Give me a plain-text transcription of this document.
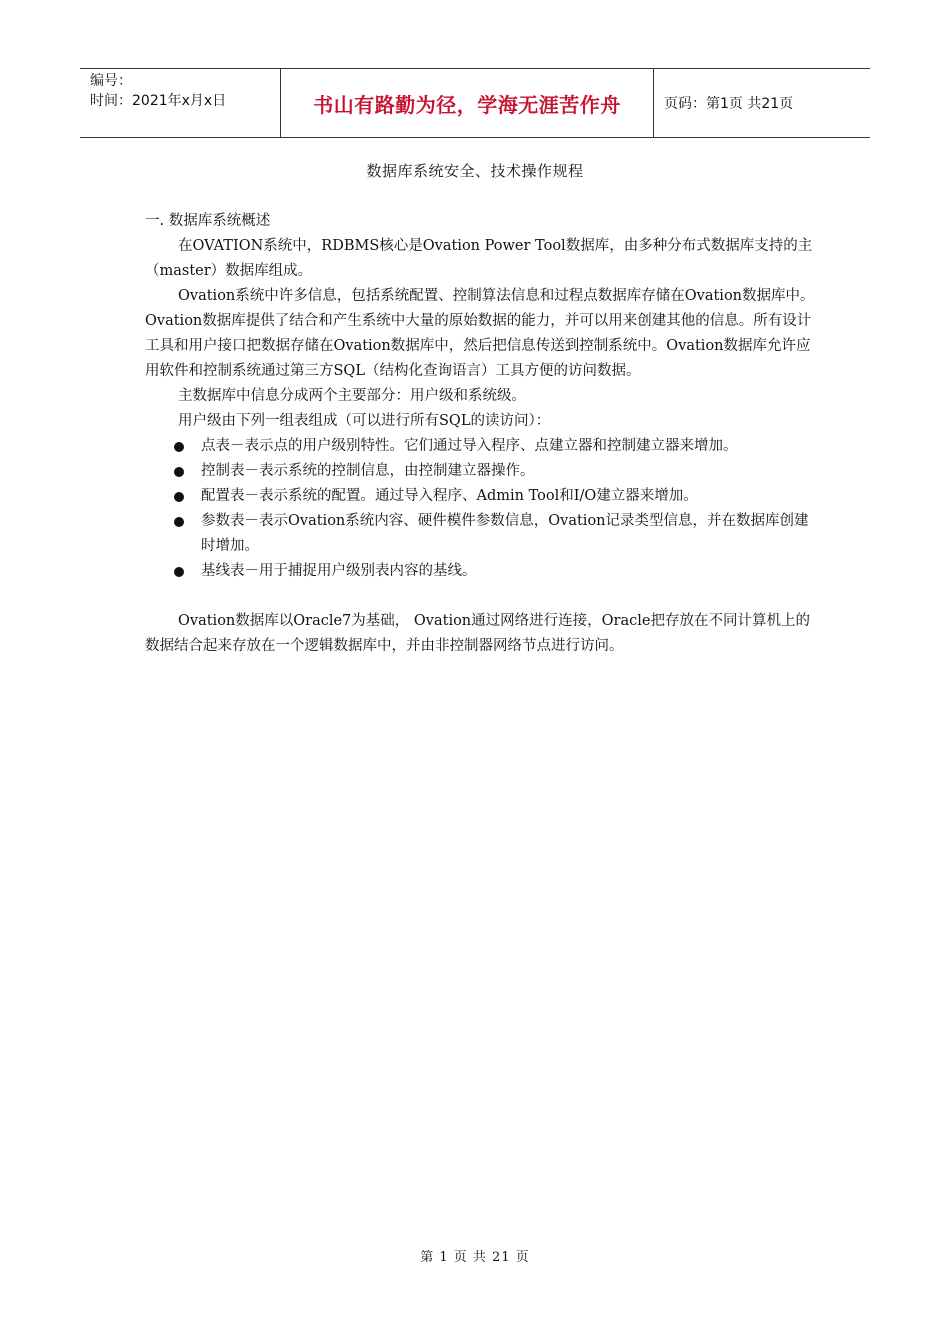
编号：
时间：2021年x月x日	书山有路勤为径，学海无涯苦作舟	页码：第1页 共21页
数据库系统安全、技术操作规程

一. 数据库系统概述

在OVATION系统中，RDBMS核心是Ovation Power Tool数据库，由多种分布式数据库支持的主（master）数据库组成。

Ovation系统中许多信息，包括系统配置、控制算法信息和过程点数据库存储在Ovation数据库中。Ovation数据库提供了结合和产生系统中大量的原始数据的能力，并可以用来创建其他的信息。所有设计工具和用户接口把数据存储在Ovation数据库中，然后把信息传送到控制系统中。Ovation数据库允许应用软件和控制系统通过第三方SQL（结构化查询语言）工具方便的访问数据。

主数据库中信息分成两个主要部分：用户级和系统级。

用户级由下列一组表组成（可以进行所有SQL的读访问）：

点表－表示点的用户级别特性。它们通过导入程序、点建立器和控制建立器来增加。
控制表－表示系统的控制信息，由控制建立器操作。
配置表－表示系统的配置。通过导入程序、Admin Tool和I/O建立器来增加。
参数表－表示Ovation系统内容、硬件模件参数信息，Ovation记录类型信息，并在数据库创建时增加。
基线表－用于捕捉用户级别表内容的基线。

Ovation数据库以Oracle7为基础， Ovation通过网络进行连接，Oracle把存放在不同计算机上的数据结合起来存放在一个逻辑数据库中，并由非控制器网络节点进行访问。

第 1 页 共 21 页
